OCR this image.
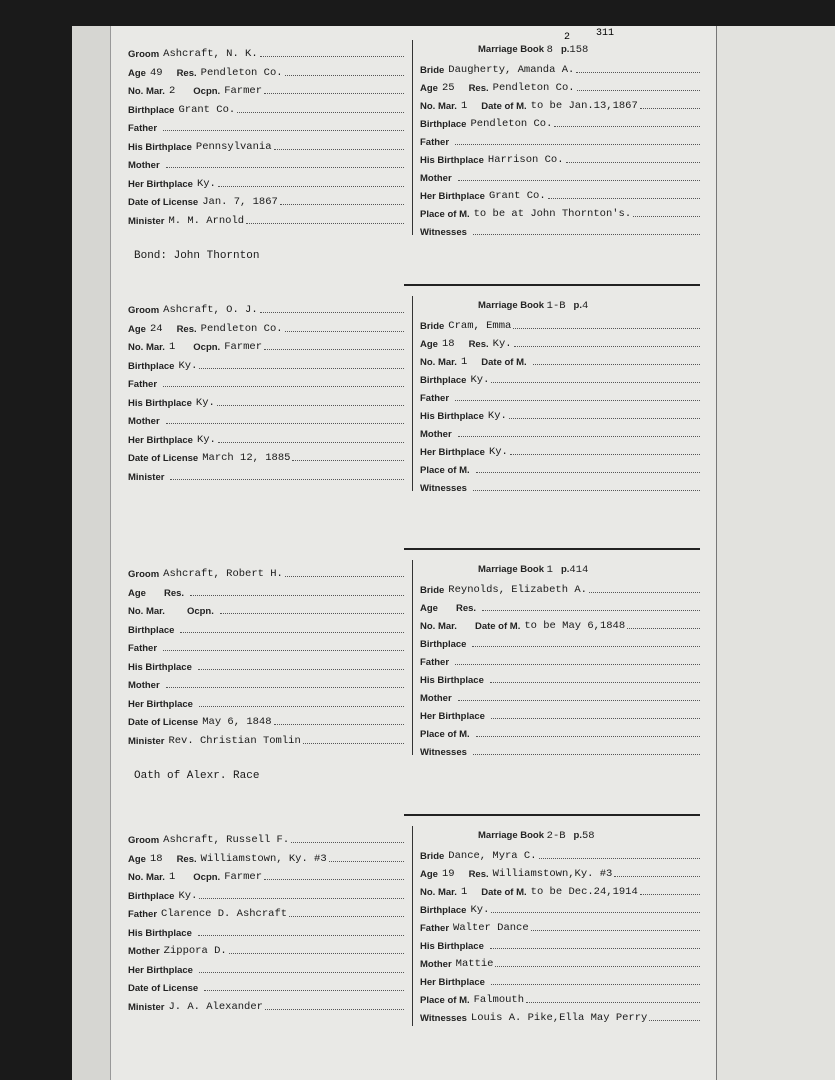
Groom Ashcraft, N. K.
Age 49 Res. Pendleton Co.
No. Mar. 2 Ocpn. Farmer
Birthplace Grant Co.
Father
His Birthplace Pennsylvania
Mother
Her Birthplace Ky.
Date of License Jan. 7, 1867
Minister M. M. Arnold
Marriage Book 8 p.158
2	311
Bride Daugherty, Amanda A.
Age 25 Res. Pendleton Co.
No. Mar. 1 Date of M. to be Jan.13,1867
Birthplace Pendleton Co.
Father
His Birthplace Harrison Co.
Mother
Her Birthplace Grant Co.
Place of M. to be at John Thornton's.
Witnesses
Bond: John Thornton
Groom Ashcraft, O. J.
Age 24 Res. Pendleton Co.
No. Mar. 1 Ocpn. Farmer
Birthplace Ky.
Father
His Birthplace Ky.
Mother
Her Birthplace Ky.
Date of License March 12, 1885
Minister
Marriage Book 1-B p.4
Bride Cram, Emma
Age 18 Res. Ky.
No. Mar. 1 Date of M.
Birthplace Ky.
Father
His Birthplace Ky.
Mother
Her Birthplace Ky.
Place of M.
Witnesses
Groom Ashcraft, Robert H.
Age Res.
No. Mar. Ocpn.
Birthplace
Father
His Birthplace
Mother
Her Birthplace
Date of License May 6, 1848
Minister Rev. Christian Tomlin
Marriage Book 1 p.414
Bride Reynolds, Elizabeth A.
Age Res.
No. Mar. Date of M. to be May 6,1848
Birthplace
Father
His Birthplace
Mother
Her Birthplace
Place of M.
Witnesses
Oath of Alexr. Race
Groom Ashcraft, Russell F.
Age 18 Res. Williamstown, Ky. #3
No. Mar. 1 Ocpn. Farmer
Birthplace Ky.
Father Clarence D. Ashcraft
His Birthplace
Mother Zippora D.
Her Birthplace
Date of License
Minister J. A. Alexander
Marriage Book 2-B p.58
Bride Dance, Myra C.
Age 19 Res. Williamstown,Ky. #3
No. Mar. 1 Date of M. to be Dec.24,1914
Birthplace Ky.
Father Walter Dance
His Birthplace
Mother Mattie
Her Birthplace
Place of M. Falmouth
Witnesses Louis A. Pike,Ella May Perry
